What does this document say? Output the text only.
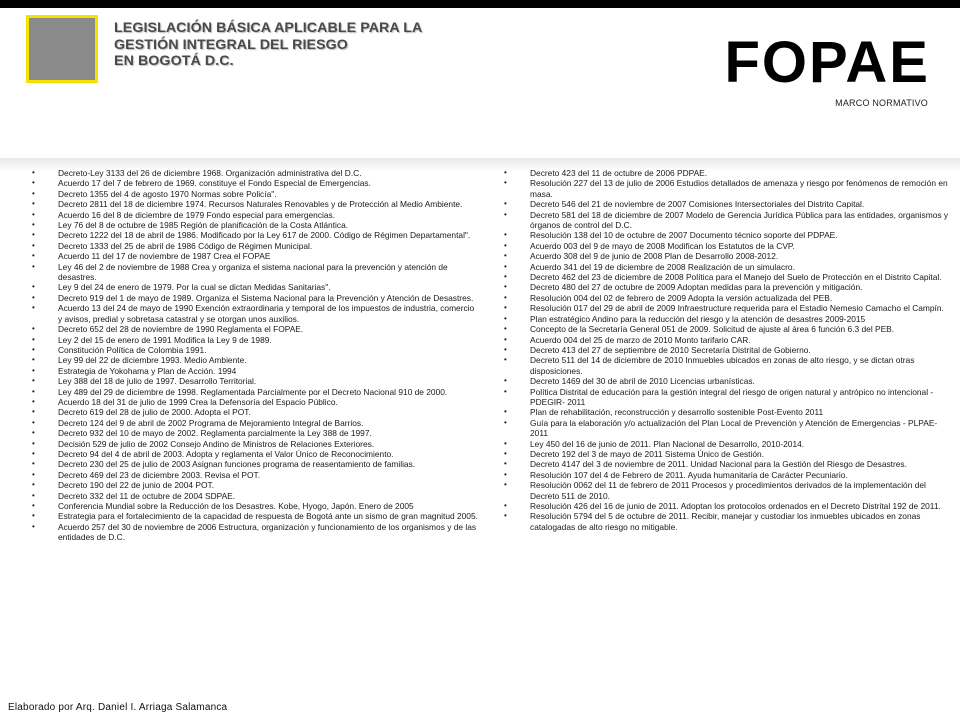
LEGISLACIÓN BÁSICA APLICABLE PARA LA
GESTIÓN INTEGRAL DEL RIESGO
EN BOGOTÁ D.C.	FOPAE
MARCO NORMATIVO
•	Decreto-Ley 3133 del 26 de diciembre 1968. Organización administrativa del D.C.
•	Acuerdo 17 del 7 de febrero de 1969. constituye el Fondo Especial de Emergencias.
•	Decreto 1355 del 4 de agosto 1970 Normas sobre Policía".
•	Decreto 2811 del 18 de diciembre 1974. Recursos Naturales Renovables y de Protección al Medio Ambiente.
•	Acuerdo 16 del 8 de diciembre de 1979 Fondo especial para emergencias.
•	Ley 76 del 8 de octubre de 1985 Región de planificación de la Costa Atlántica.
•	Decreto 1222 del 18 de abril de 1986. Modificado por la Ley 617 de 2000. Código de Régimen Departamental".
•	Decreto 1333 del 25 de abril de 1986 Código de Régimen Municipal.
•	Acuerdo 11 del 17 de noviembre de 1987 Crea el FOPAE
•	Ley 46 del 2 de noviembre de 1988 Crea y organiza el sistema nacional para la prevención y atención de desastres.
•	Ley 9 del 24 de enero de 1979. Por la cual se dictan Medidas Sanitarias".
•	Decreto 919 del 1 de mayo de 1989. Organiza el Sistema Nacional para la Prevención y Atención de Desastres.
•	Acuerdo 13 del 24 de mayo de 1990 Exención extraordinaria y temporal de los impuestos de industria, comercio y avisos, predial y sobretasa catastral y se otorgan unos auxilios.
•	Decreto 652 del 28 de noviembre de 1990 Reglamenta el FOPAE.
•	Ley 2 del 15 de enero de 1991 Modifica la Ley 9 de 1989.
•	Constitución Política de Colombia 1991.
•	Ley 99 del 22 de diciembre 1993. Medio Ambiente.
•	Estrategia de Yokohama y Plan de Acción. 1994
•	Ley 388 del 18 de julio de 1997. Desarrollo Territorial.
•	Ley 489 del 29 de diciembre de 1998. Reglamentada Parcialmente por el Decreto Nacional 910 de 2000.
•	Acuerdo 18 del 31 de julio de 1999 Crea la Defensoría del Espacio Público.
•	Decreto 619 del 28 de julio de 2000. Adopta el POT.
•	Decreto 124 del 9 de abril de 2002 Programa de Mejoramiento Integral de Barrios.
•	Decreto 932 del 10 de mayo de 2002. Reglamenta parcialmente la Ley 388 de 1997.
•	Decisión 529 de julio de 2002 Consejo Andino de Ministros de Relaciones Exteriores.
•	Decreto 94 del 4 de abril de 2003. Adopta y reglamenta el Valor Único de Reconocimiento.
•	Decreto 230 del 25 de julio de 2003 Asignan funciones programa de reasentamiento de familias.
•	Decreto 469 del 23 de diciembre 2003. Revisa el POT.
•	Decreto 190 del 22 de junio de 2004 POT.
•	Decreto 332 del 11 de octubre de 2004 SDPAE.
•	Conferencia Mundial sobre la Reducción de los Desastres. Kobe, Hyogo, Japón. Enero de 2005
•	Estrategia para el fortalecimiento de la capacidad de respuesta de Bogotá ante un sismo de gran magnitud 2005.
•	Acuerdo 257 del 30 de noviembre de 2006 Estructura, organización y funcionamiento de los organismos y de las entidades de D.C.
•	Decreto 423 del 11 de octubre de 2006 PDPAE.
•	Resolución 227 del 13 de julio de 2006 Estudios detallados de amenaza y riesgo por fenómenos de remoción en masa.
•	Decreto 546 del 21 de noviembre de 2007 Comisiones Intersectoriales del Distrito Capital.
•	Decreto 581 del 18 de diciembre de 2007 Modelo de Gerencia Jurídica Pública para las entidades, organismos y órganos de control del D.C.
•	Resolución 138 del 10 de octubre de 2007 Documento técnico soporte del PDPAE.
•	Acuerdo 003 del 9 de mayo de 2008 Modifican los Estatutos de la CVP.
•	Acuerdo 308 del 9 de junio de 2008 Plan de Desarrollo 2008-2012.
•	Acuerdo 341 del 19 de diciembre de 2008 Realización de un simulacro.
•	Decreto 462 del 23 de diciembre de 2008 Política para el Manejo del Suelo de Protección en el Distrito Capital.
•	Decreto 480 del 27 de octubre de 2009 Adoptan medidas para la prevención y mitigación.
•	Resolución 004 del 02 de febrero de 2009 Adopta la versión actualizada del PEB.
•	Resolución 017 del 29 de abril de 2009 Infraestructure requerida para el Estadio Nemesio Camacho el Campín.
•	Plan estratégico Andino para la reducción del riesgo y la atención de desastres 2009-2015
•	Concepto de la Secretaría General 051 de 2009. Solicitud de ajuste al área 6 función 6.3 del PEB.
•	Acuerdo 004 del 25 de marzo de 2010 Monto tarifario CAR.
•	Decreto 413 del 27 de septiembre de 2010 Secretaría Distrital de Gobierno.
•	Decreto 511 del 14 de diciembre de 2010 Inmuebles ubicados en zonas de alto riesgo, y se dictan otras disposiciones.
•	Decreto 1469 del 30 de abril de 2010 Licencias urbanísticas.
•	Política Distrital de educación para la gestión integral del riesgo de origen natural y antrópico no intencional - PDEGIR- 2011
•	Plan de rehabilitación, reconstrucción y desarrollo sostenible Post-Evento 2011
•	Guía para la elaboración y/o actualización del Plan Local de Prevención y Atención de Emergencias - PLPAE- 2011
•	Ley 450 del 16 de junio de 2011. Plan Nacional de Desarrollo, 2010-2014.
•	Decreto 192 del 3 de mayo de 2011 Sistema Único de Gestión.
•	Decreto 4147 del 3 de noviembre de 2011. Unidad Nacional para la Gestión del Riesgo de Desastres.
•	Resolución 107 del 4 de Febrero de 2011. Ayuda humanitaria de Carácter Pecuniario.
•	Resolución 0062 del 11 de febrero de 2011 Procesos y procedimientos derivados de la implementación del Decreto 511 de 2010.
•	Resolución 426 del 16 de junio de 2011. Adoptan los protocolos ordenados en el Decreto Distrital 192 de 2011.
•	Resolución 5794 del 5 de octubre de 2011. Recibir, manejar y custodiar los inmuebles ubicados en zonas catalogadas de alto riesgo no mitigable.
Elaborado por Arq. Daniel I. Arriaga Salamanca
